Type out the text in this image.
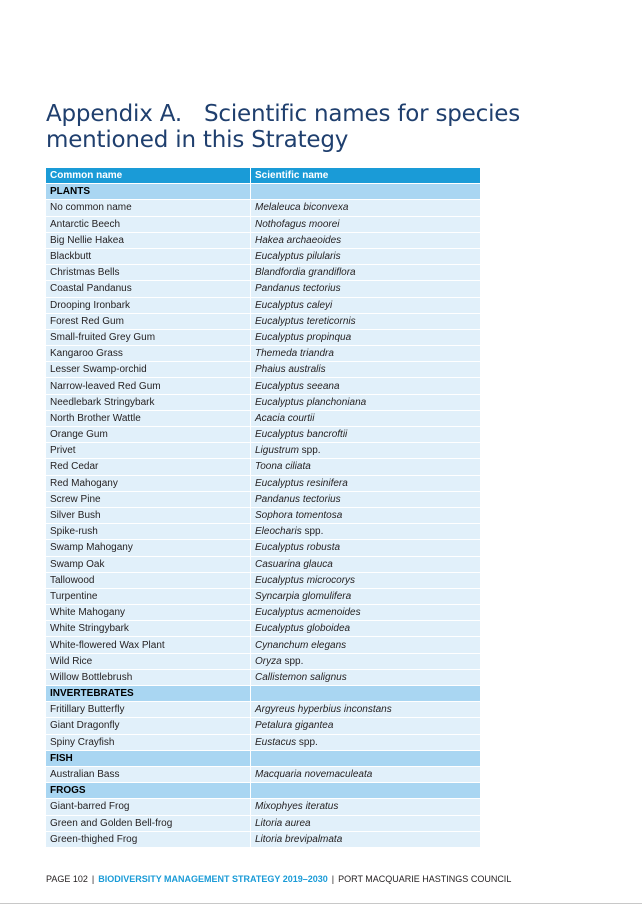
Appendix A. Scientific names for species mentioned in this Strategy
Common name	Scientific name
PLANTS	
No common name	Melaleuca biconvexa
Antarctic Beech	Nothofagus moorei
Big Nellie Hakea	Hakea archaeoides
Blackbutt	Eucalyptus pilularis
Christmas Bells	Blandfordia grandiflora
Coastal Pandanus	Pandanus tectorius
Drooping Ironbark	Eucalyptus caleyi
Forest Red Gum	Eucalyptus tereticornis
Small-fruited Grey Gum	Eucalyptus propinqua
Kangaroo Grass	Themeda triandra
Lesser Swamp-orchid	Phaius australis
Narrow-leaved Red Gum	Eucalyptus seeana
Needlebark Stringybark	Eucalyptus planchoniana
North Brother Wattle	Acacia courtii
Orange Gum	Eucalyptus bancroftii
Privet	Ligustrum spp.
Red Cedar	Toona ciliata
Red Mahogany	Eucalyptus resinifera
Screw Pine	Pandanus tectorius
Silver Bush	Sophora tomentosa
Spike-rush	Eleocharis spp.
Swamp Mahogany	Eucalyptus robusta
Swamp Oak	Casuarina glauca
Tallowood	Eucalyptus microcorys
Turpentine	Syncarpia glomulifera
White Mahogany	Eucalyptus acmenoides
White Stringybark	Eucalyptus globoidea
White-flowered Wax Plant	Cynanchum elegans
Wild Rice	Oryza spp.
Willow Bottlebrush	Callistemon salignus
INVERTEBRATES	
Fritillary Butterfly	Argyreus hyperbius inconstans
Giant Dragonfly	Petalura gigantea
Spiny Crayfish	Eustacus spp.
FISH	
Australian Bass	Macquaria novemaculeata
FROGS	
Giant-barred Frog	Mixophyes iteratus
Green and Golden Bell-frog	Litoria aurea
Green-thighed Frog	Litoria brevipalmata
PAGE 102 | BIODIVERSITY MANAGEMENT STRATEGY 2019–2030 | PORT MACQUARIE HASTINGS COUNCIL
